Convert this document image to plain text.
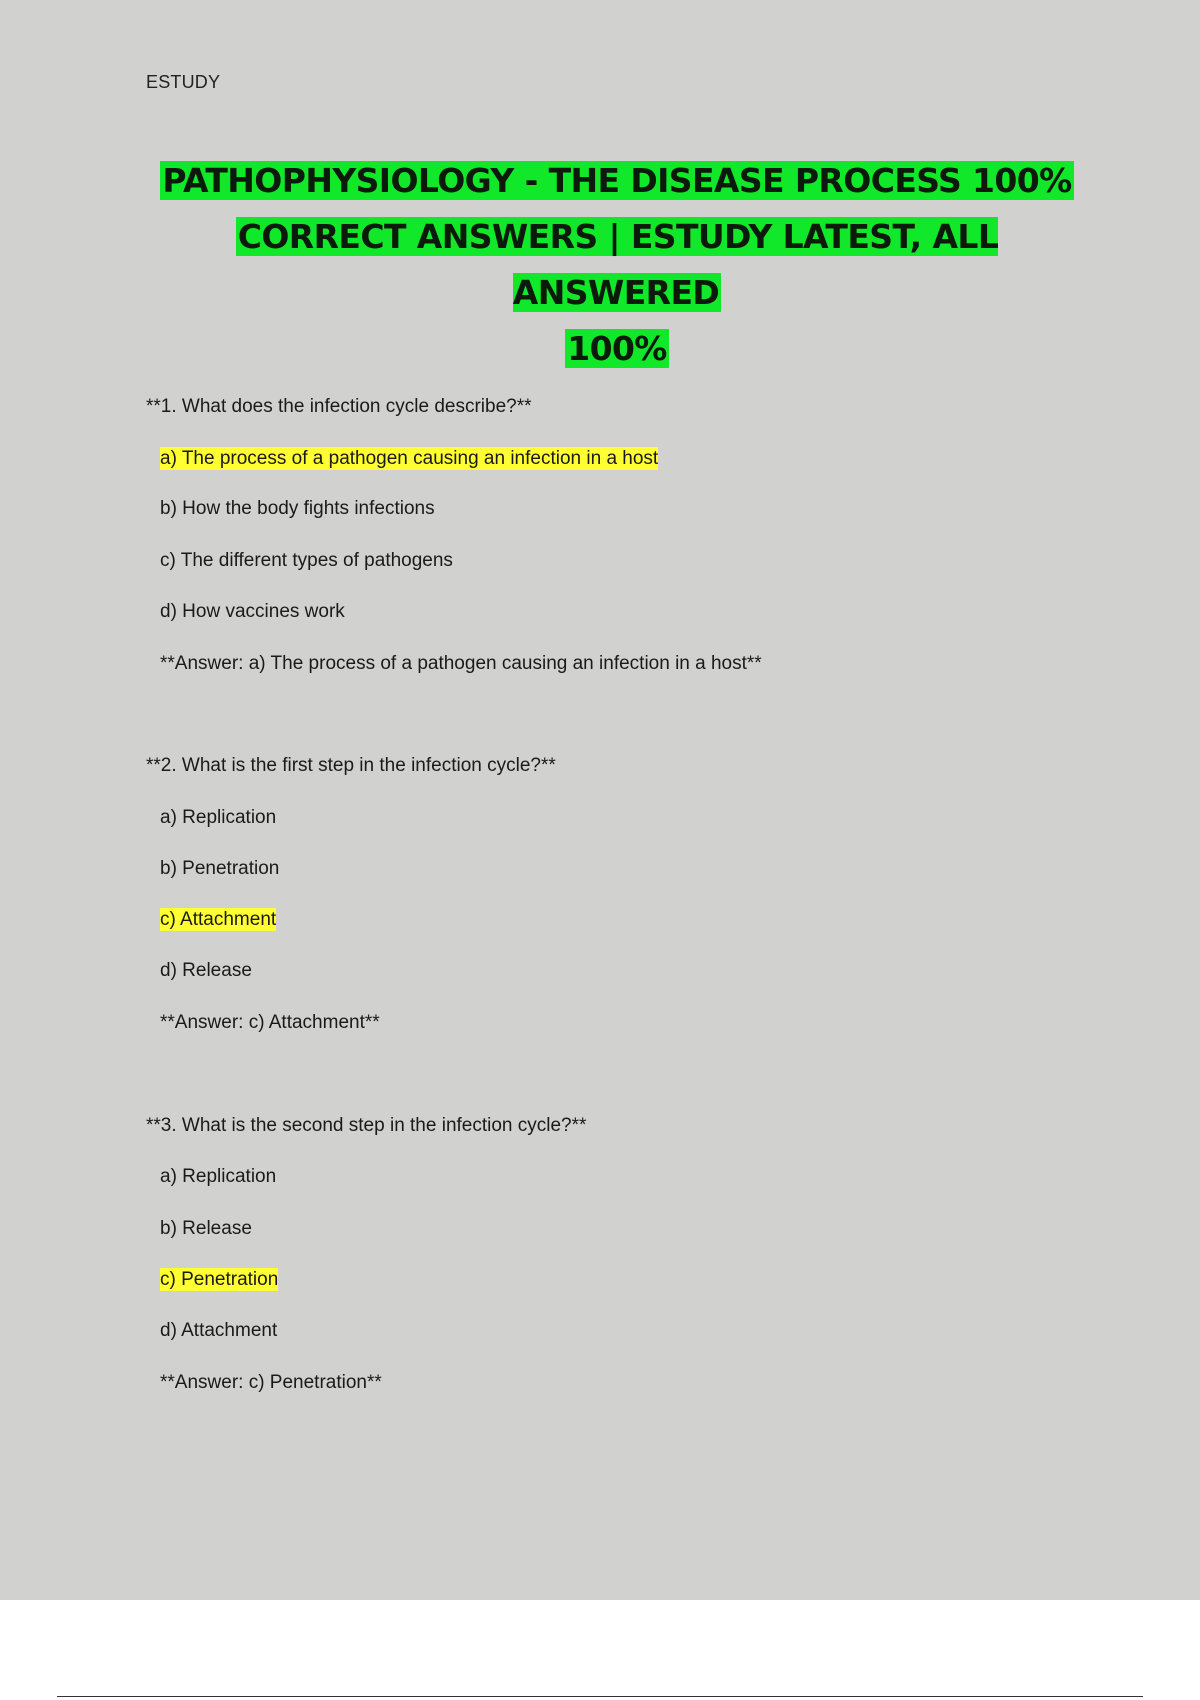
ESTUDY
PATHOPHYSIOLOGY - THE DISEASE PROCESS 100%
CORRECT ANSWERS | ESTUDY LATEST, ALL ANSWERED
100%
**1. What does the infection cycle describe?**
a) The process of a pathogen causing an infection in a host
b) How the body fights infections
c) The different types of pathogens
d) How vaccines work
**Answer: a) The process of a pathogen causing an infection in a host**
**2. What is the first step in the infection cycle?**
a) Replication
b) Penetration
c) Attachment
d) Release
**Answer: c) Attachment**
**3. What is the second step in the infection cycle?**
a) Replication
b) Release
c) Penetration
d) Attachment
**Answer: c) Penetration**
